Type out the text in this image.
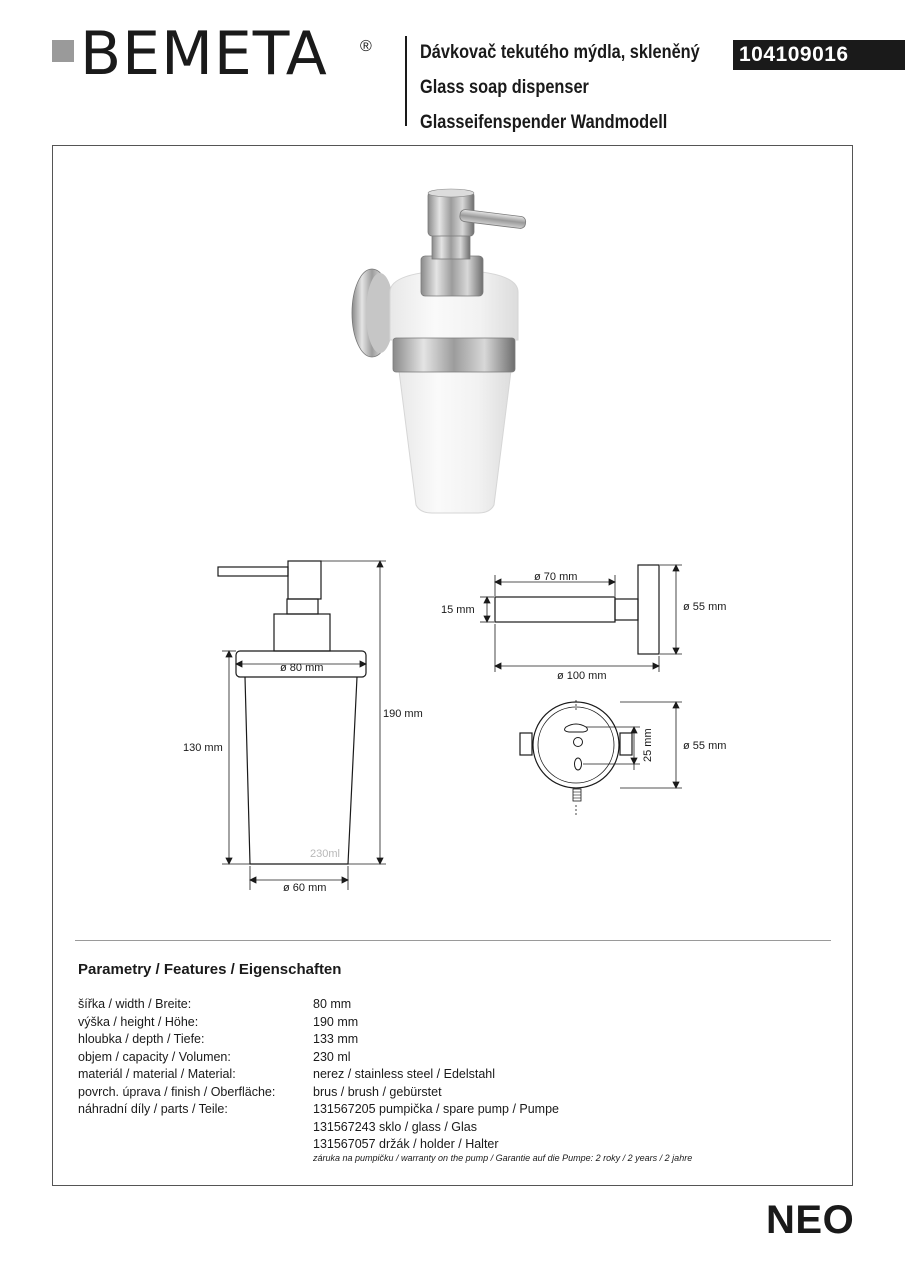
BEMETA ®	Dávkovač tekutého mýdla, skleněný
Glass soap dispenser
Glasseifenspender Wandmodell
104109016
ø 80 mm
190 mm
130 mm
ø 60 mm
230ml
ø 70 mm
15 mm
ø 100 mm
ø 55 mm
25 mm	ø 55 mm
Parametry / Features / Eigenschaften
šířka / width / Breite:	80 mm
výška / height / Höhe:	190 mm
hloubka / depth / Tiefe:	133 mm
objem / capacity / Volumen:	230 ml
materiál / material / Material:	nerez / stainless steel / Edelstahl
povrch. úprava / finish / Oberfläche:	brus / brush / gebürstet
náhradní díly / parts / Teile:	131567205 pumpička / spare pump / Pumpe
131567243 sklo / glass / Glas
131567057 držák / holder / Halter
záruka na pumpičku / warranty on the pump / Garantie auf die Pumpe: 2 roky / 2 years / 2 jahre
NEO
